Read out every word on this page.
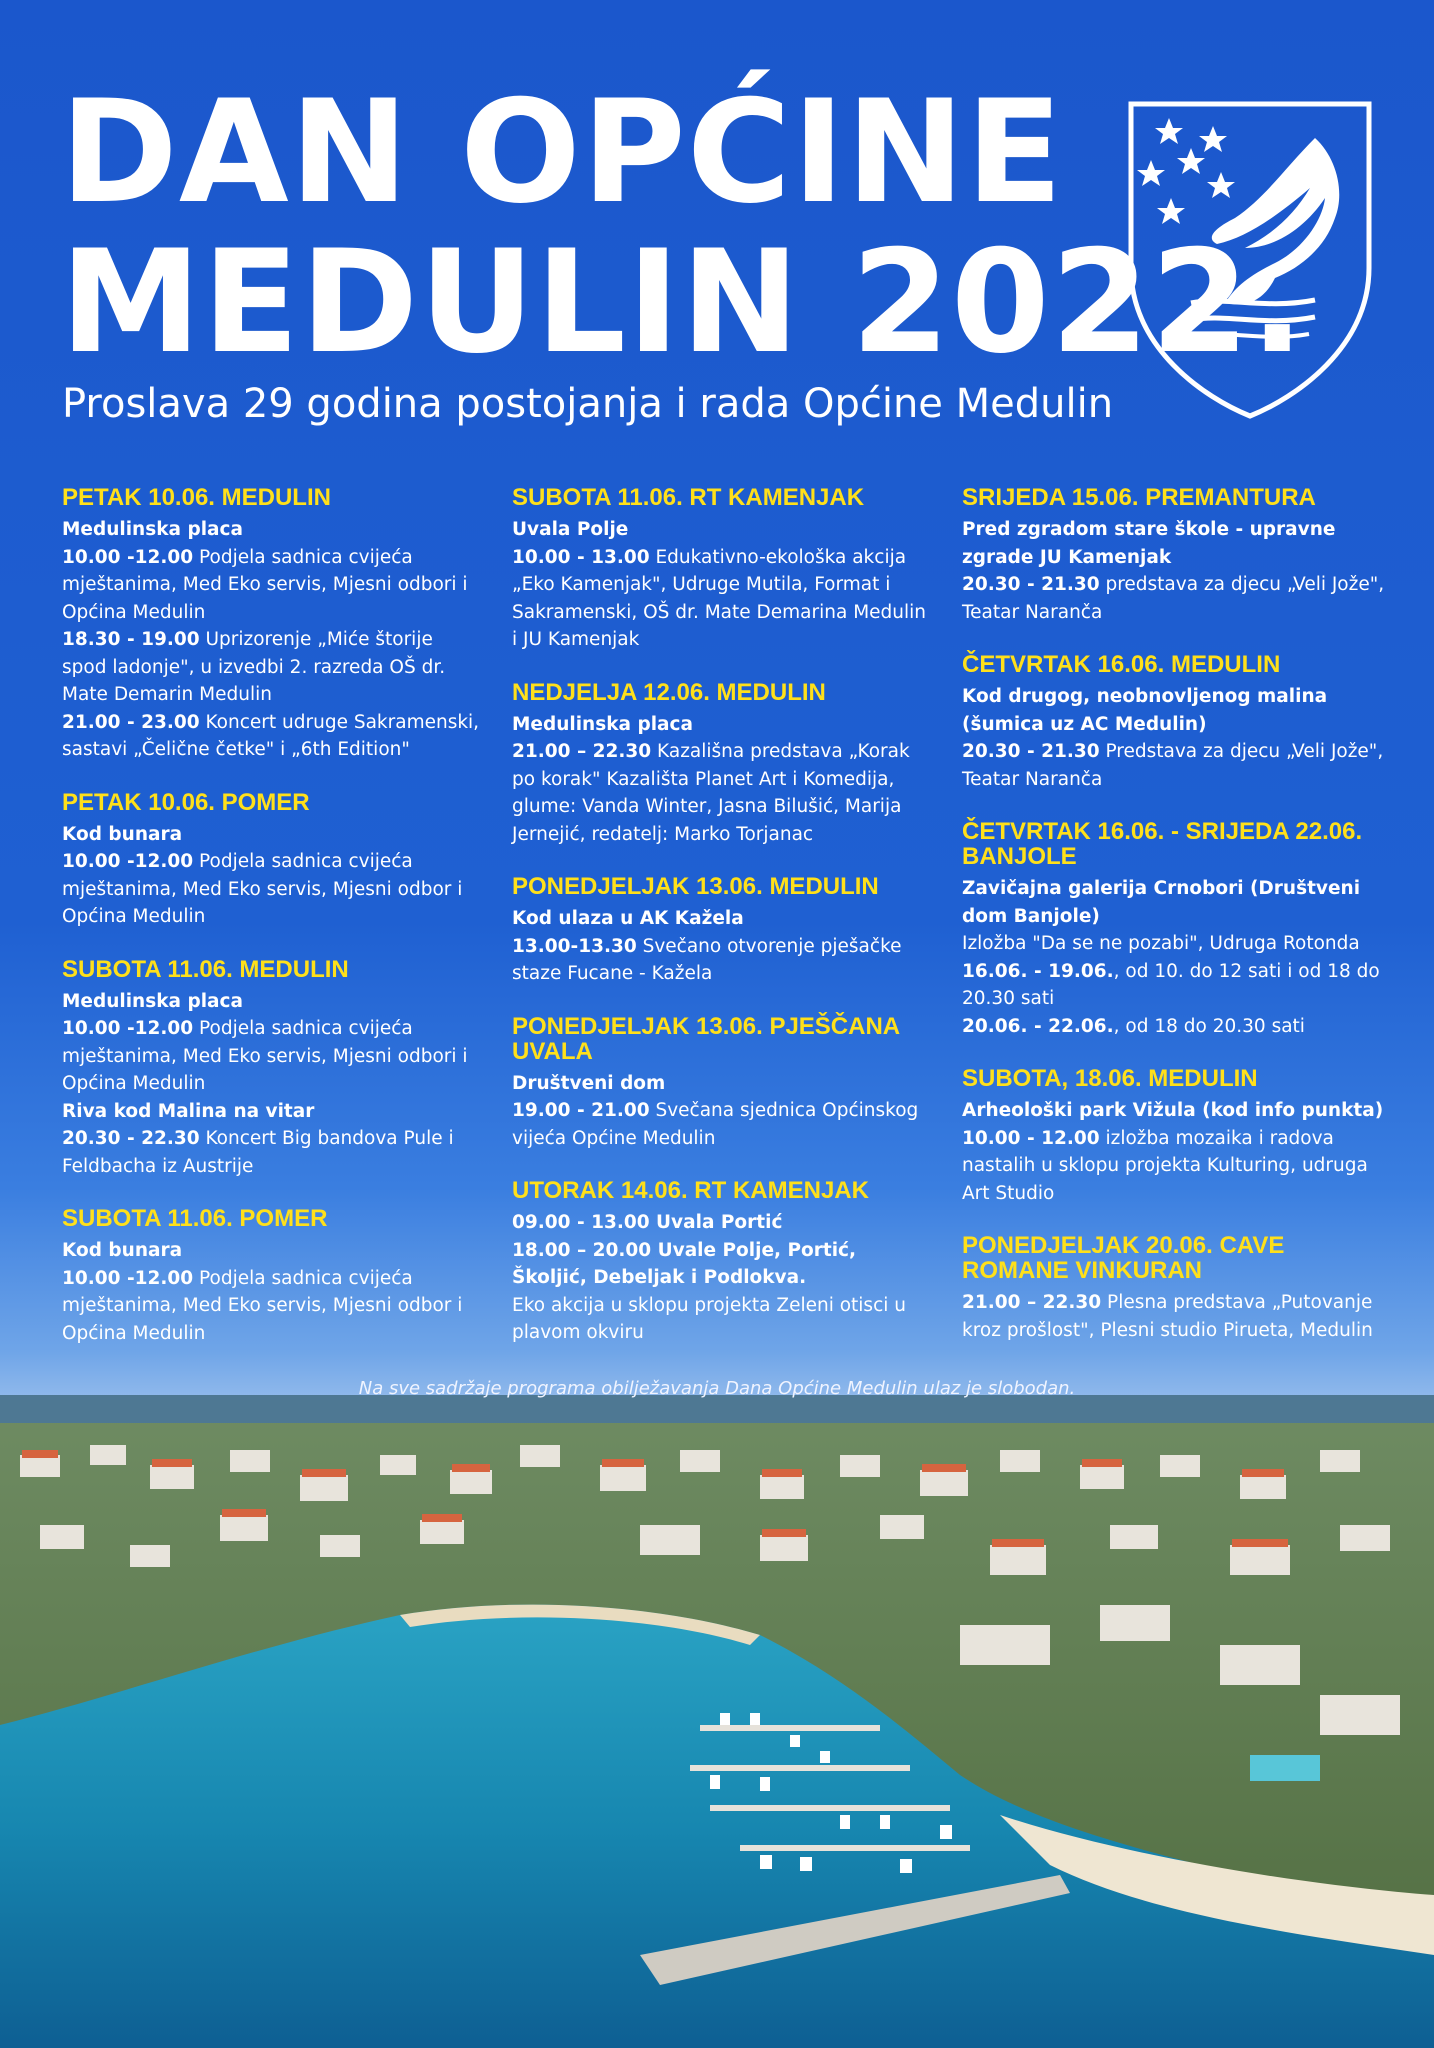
DAN OPĆINE
MEDULIN 2022.

Proslava 29 godina postojanja i rada Općine Medulin

PETAK 10.06. MEDULIN
Medulinska placa
10.00 -12.00 Podjela sadnica cvijeća mještanima, Med Eko servis, Mjesni odbori i Općina Medulin
18.30 - 19.00 Uprizorenje „Miće štorije spod ladonje", u izvedbi 2. razreda OŠ dr. Mate Demarin Medulin
21.00 - 23.00 Koncert udruge Sakramenski, sastavi „Čelične četke" i „6th Edition"
PETAK 10.06. POMER
Kod bunara
10.00 -12.00 Podjela sadnica cvijeća mještanima, Med Eko servis, Mjesni odbor i Općina Medulin
SUBOTA 11.06. MEDULIN
Medulinska placa
10.00 -12.00 Podjela sadnica cvijeća mještanima, Med Eko servis, Mjesni odbori i Općina Medulin
Riva kod Malina na vitar
20.30 - 22.30 Koncert Big bandova Pule i Feldbacha iz Austrije
SUBOTA 11.06. POMER
Kod bunara
10.00 -12.00 Podjela sadnica cvijeća mještanima, Med Eko servis, Mjesni odbor i Općina Medulin
SUBOTA 11.06. RT KAMENJAK
Uvala Polje
10.00 - 13.00 Edukativno-ekološka akcija „Eko Kamenjak", Udruge Mutila, Format i Sakramenski, OŠ dr. Mate Demarina Medulin i JU Kamenjak
NEDJELJA 12.06. MEDULIN
Medulinska placa
21.00 – 22.30 Kazališna predstava „Korak po korak" Kazališta Planet Art i Komedija, glume: Vanda Winter, Jasna Bilušić, Marija Jernejić, redatelj: Marko Torjanac
PONEDJELJAK 13.06. MEDULIN
Kod ulaza u AK Kažela
13.00-13.30 Svečano otvorenje pješačke staze Fucane - Kažela
PONEDJELJAK 13.06. PJEŠČANA UVALA
Društveni dom
19.00 - 21.00 Svečana sjednica Općinskog vijeća Općine Medulin
UTORAK 14.06. RT KAMENJAK
09.00 - 13.00 Uvala Portić
18.00 – 20.00 Uvale Polje, Portić, Školjić, Debeljak i Podlokva.
Eko akcija u sklopu projekta Zeleni otisci u plavom okviru
SRIJEDA 15.06. PREMANTURA
Pred zgradom stare škole - upravne zgrade JU Kamenjak
20.30 - 21.30 predstava za djecu „Veli Jože", Teatar Naranča
ČETVRTAK 16.06. MEDULIN
Kod drugog, neobnovljenog malina (šumica uz AC Medulin)
20.30 - 21.30 Predstava za djecu „Veli Jože", Teatar Naranča
ČETVRTAK 16.06. - SRIJEDA 22.06. BANJOLE
Zavičajna galerija Crnobori (Društveni dom Banjole)
Izložba "Da se ne pozabi", Udruga Rotonda
16.06. - 19.06., od 10. do 12 sati i od 18 do 20.30 sati
20.06. - 22.06., od 18 do 20.30 sati
SUBOTA, 18.06. MEDULIN
Arheološki park Vižula (kod info punkta)
10.00 - 12.00 izložba mozaika i radova nastalih u sklopu projekta Kulturing, udruga Art Studio
PONEDJELJAK 20.06. CAVE ROMANE VINKURAN
21.00 – 22.30 Plesna predstava „Putovanje kroz prošlost", Plesni studio Pirueta, Medulin

Na sve sadržaje programa obilježavanja Dana Općine Medulin ulaz je slobodan.
